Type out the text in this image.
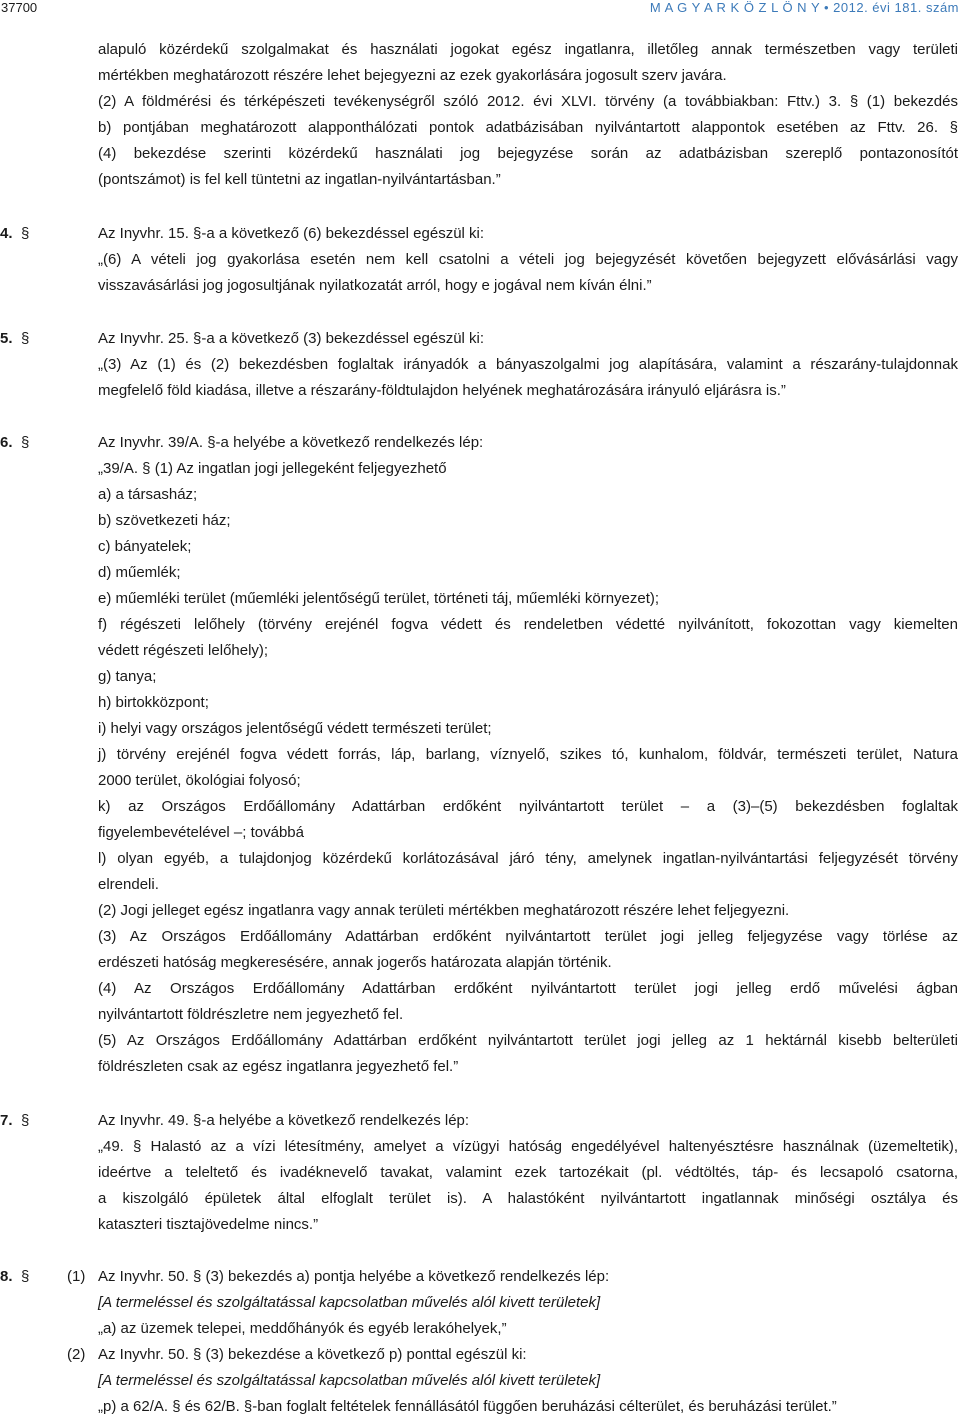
37700	M A G Y A R K Ö Z L Ö N Y • 2012. évi 181. szám
alapuló közérdekű szolgalmakat és használati jogokat egész ingatlanra, illetőleg annak természetben vagy területi
mértékben meghatározott részére lehet bejegyezni az ezek gyakorlására jogosult szerv javára.
(2) A földmérési és térképészeti tevékenységről szóló 2012. évi XLVI. törvény (a továbbiakban: Fttv.) 3. § (1) bekezdés
b) pontjában meghatározott alapponthálózati pontok adatbázisában nyilvántartott alappontok esetében az Fttv. 26. §
(4) bekezdése szerinti közérdekű használati jog bejegyzése során az adatbázisban szereplő pontazonosítót
(pontszámot) is fel kell tüntetni az ingatlan-nyilvántartásban.”
4. §	Az Inyvhr. 15. §-a a következő (6) bekezdéssel egészül ki:
„(6) A vételi jog gyakorlása esetén nem kell csatolni a vételi jog bejegyzését követően bejegyzett elővásárlási vagy
visszavásárlási jog jogosultjának nyilatkozatát arról, hogy e jogával nem kíván élni.”
5. §	Az Inyvhr. 25. §-a a következő (3) bekezdéssel egészül ki:
„(3) Az (1) és (2) bekezdésben foglaltak irányadók a bányaszolgalmi jog alapítására, valamint a részarány-tulajdonnak
megfelelő föld kiadása, illetve a részarány-földtulajdon helyének meghatározására irányuló eljárásra is.”
6. §	Az Inyvhr. 39/A. §-a helyébe a következő rendelkezés lép:
„39/A. § (1) Az ingatlan jogi jellegeként feljegyezhető
a) a társasház;
b) szövetkezeti ház;
c) bányatelek;
d) műemlék;
e) műemléki terület (műemléki jelentőségű terület, történeti táj, műemléki környezet);
f) régészeti lelőhely (törvény erejénél fogva védett és rendeletben védetté nyilvánított, fokozottan vagy kiemelten
védett régészeti lelőhely);
g) tanya;
h) birtokközpont;
i) helyi vagy országos jelentőségű védett természeti terület;
j) törvény erejénél fogva védett forrás, láp, barlang, víznyelő, szikes tó, kunhalom, földvár, természeti terület, Natura
2000 terület, ökológiai folyosó;
k) az Országos Erdőállomány Adattárban erdőként nyilvántartott terület – a (3)–(5) bekezdésben foglaltak
figyelembevételével –; továbbá
l) olyan egyéb, a tulajdonjog közérdekű korlátozásával járó tény, amelynek ingatlan-nyilvántartási feljegyzését törvény
elrendeli.
(2) Jogi jelleget egész ingatlanra vagy annak területi mértékben meghatározott részére lehet feljegyezni.
(3) Az Országos Erdőállomány Adattárban erdőként nyilvántartott terület jogi jelleg feljegyzése vagy törlése az
erdészeti hatóság megkeresésére, annak jogerős határozata alapján történik.
(4) Az Országos Erdőállomány Adattárban erdőként nyilvántartott terület jogi jelleg erdő művelési ágban
nyilvántartott földrészletre nem jegyezhető fel.
(5) Az Országos Erdőállomány Adattárban erdőként nyilvántartott terület jogi jelleg az 1 hektárnál kisebb belterületi
földrészleten csak az egész ingatlanra jegyezhető fel.”
7. §	Az Inyvhr. 49. §-a helyébe a következő rendelkezés lép:
„49. § Halastó az a vízi létesítmény, amelyet a vízügyi hatóság engedélyével haltenyésztésre használnak (üzemeltetik),
ideértve a teleltető és ivadéknevelő tavakat, valamint ezek tartozékait (pl. védtöltés, táp- és lecsapoló csatorna,
a kiszolgáló épületek által elfoglalt terület is). A halastóként nyilvántartott ingatlannak minőségi osztálya és
kataszteri tisztajövedelme nincs.”
8. §	(1) Az Inyvhr. 50. § (3) bekezdés a) pontja helyébe a következő rendelkezés lép:
[A termeléssel és szolgáltatással kapcsolatban művelés alól kivett területek]
„a) az üzemek telepei, meddőhányók és egyéb lerakóhelyek,”
(2) Az Inyvhr. 50. § (3) bekezdése a következő p) ponttal egészül ki:
[A termeléssel és szolgáltatással kapcsolatban művelés alól kivett területek]
„p) a 62/A. § és 62/B. §-ban foglalt feltételek fennállásától függően beruházási célterület, és beruházási terület.”
